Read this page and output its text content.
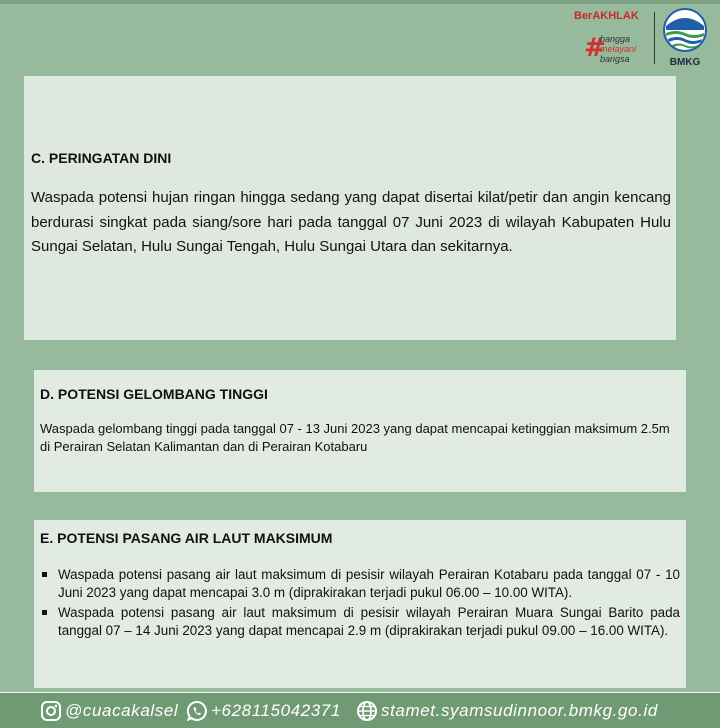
BerAKHLAK

#
bangga
melayani
bangsa	BMKG
C. PERINGATAN DINI

Waspada potensi hujan ringan hingga sedang yang dapat disertai kilat/petir dan angin kencang berdurasi singkat pada siang/sore hari pada tanggal 07 Juni 2023 di wilayah Kabupaten Hulu Sungai Selatan, Hulu Sungai Tengah, Hulu Sungai Utara dan sekitarnya.

D. POTENSI GELOMBANG TINGGI

Waspada gelombang tinggi pada tanggal 07 - 13 Juni 2023 yang dapat mencapai ketinggian maksimum 2.5m di Perairan Selatan Kalimantan dan di Perairan Kotabaru

E. POTENSI PASANG AIR LAUT MAKSIMUM
Waspada potensi pasang air laut maksimum di pesisir wilayah Perairan Kotabaru pada tanggal 07 - 10 Juni 2023 yang dapat mencapai 3.0 m (diprakirakan terjadi pukul 06.00 – 10.00 WITA).
Waspada potensi pasang air laut maksimum di pesisir wilayah Perairan Muara Sungai Barito pada tanggal 07 – 14 Juni 2023 yang dapat mencapai 2.9 m (diprakirakan terjadi pukul 09.00 – 16.00 WITA).
@cuacakalsel +628115042371 stamet.syamsudinnoor.bmkg.go.id
